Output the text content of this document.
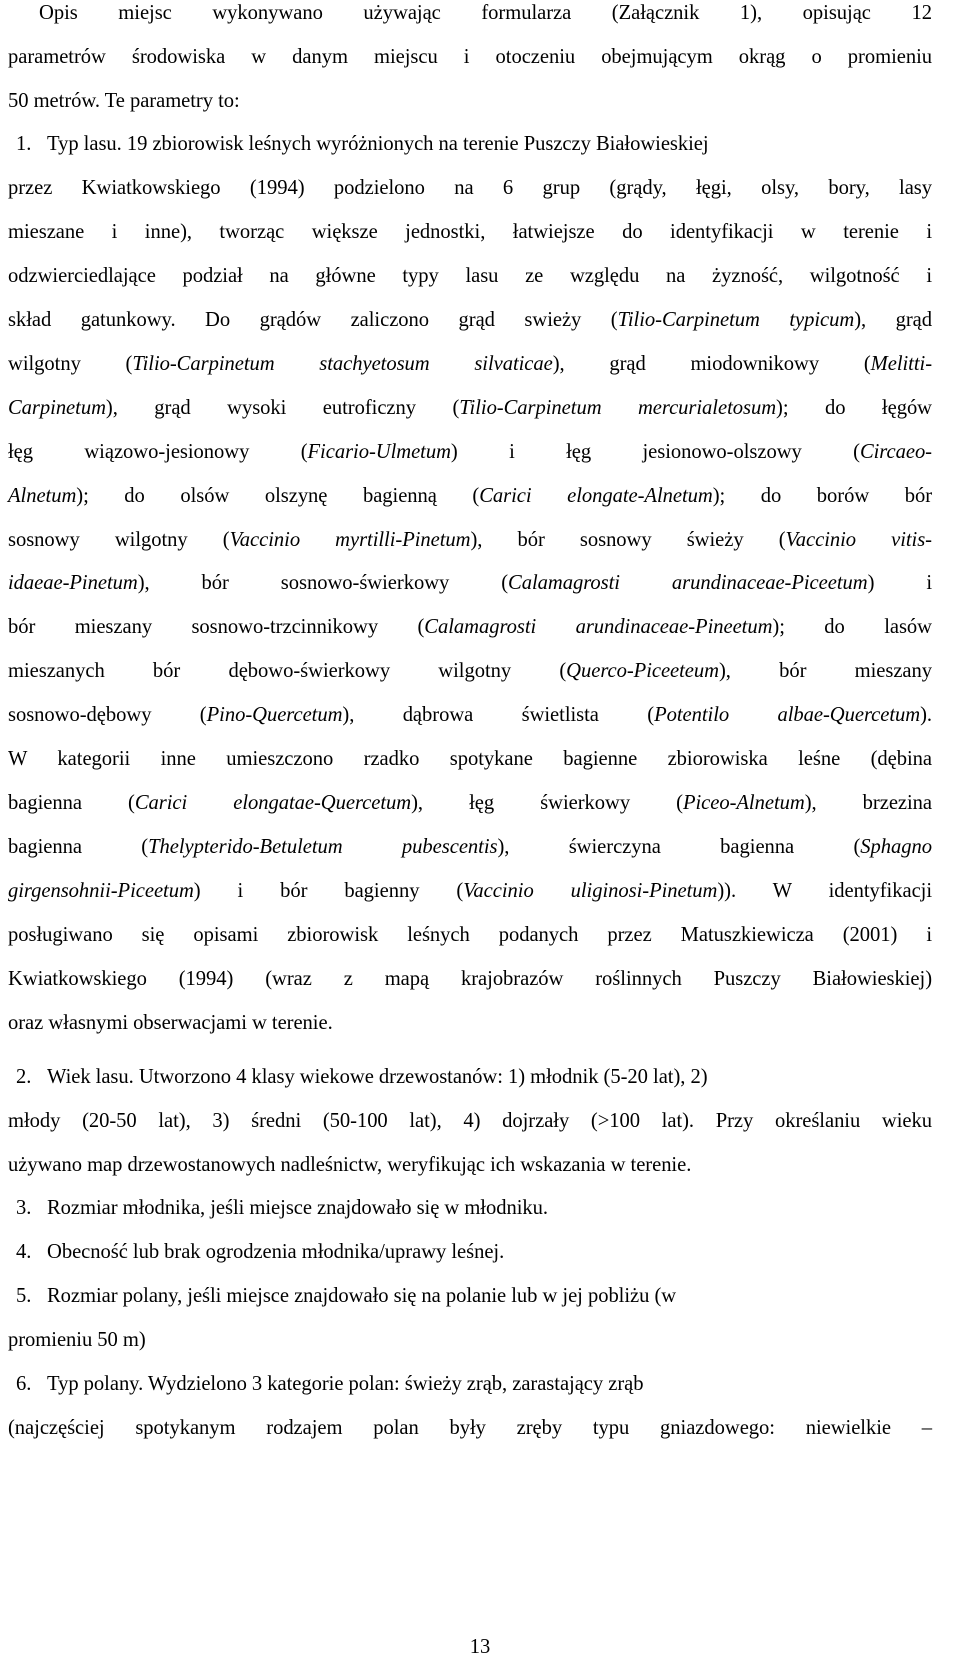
Opis miejsc wykonywano używając formularza (Załącznik 1), opisując 12
parametrów środowiska w danym miejscu i otoczeniu obejmującym okrąg o promieniu
50 metrów. Te parametry to:
1. Typ lasu. 19 zbiorowisk leśnych wyróżnionych na terenie Puszczy Białowieskiej
przez Kwiatkowskiego (1994) podzielono na 6 grup (grądy, łęgi, olsy, bory, lasy
mieszane i inne), tworząc większe jednostki, łatwiejsze do identyfikacji w terenie i
odzwierciedlające podział na główne typy lasu ze względu na żyzność, wilgotność i
skład gatunkowy. Do grądów zaliczono grąd swieży (Tilio-Carpinetum typicum), grąd
wilgotny (Tilio-Carpinetum stachyetosum silvaticae), grąd miodownikowy (Melitti-
Carpinetum), grąd wysoki eutroficzny (Tilio-Carpinetum mercurialetosum); do łęgów
łęg wiązowo-jesionowy (Ficario-Ulmetum) i łęg jesionowo-olszowy (Circaeo-
Alnetum); do olsów olszynę bagienną (Carici elongate-Alnetum); do borów bór
sosnowy wilgotny (Vaccinio myrtilli-Pinetum), bór sosnowy świeży (Vaccinio vitis-
idaeae-Pinetum), bór sosnowo-świerkowy (Calamagrosti arundinaceae-Piceetum) i
bór mieszany sosnowo-trzcinnikowy (Calamagrosti arundinaceae-Pineetum); do lasów
mieszanych bór dębowo-świerkowy wilgotny (Querco-Piceeteum), bór mieszany
sosnowo-dębowy (Pino-Quercetum), dąbrowa świetlista (Potentilo albae-Quercetum).
W kategorii inne umieszczono rzadko spotykane bagienne zbiorowiska leśne (dębina
bagienna (Carici elongatae-Quercetum), łęg świerkowy (Piceo-Alnetum), brzezina
bagienna (Thelypterido-Betuletum pubescentis), świerczyna bagienna (Sphagno
girgensohnii-Piceetum) i bór bagienny (Vaccinio uliginosi-Pinetum)). W identyfikacji
posługiwano się opisami zbiorowisk leśnych podanych przez Matuszkiewicza (2001) i
Kwiatkowskiego (1994) (wraz z mapą krajobrazów roślinnych Puszczy Białowieskiej)
oraz własnymi obserwacjami w terenie.
2. Wiek lasu. Utworzono 4 klasy wiekowe drzewostanów: 1) młodnik (5-20 lat), 2)
młody (20-50 lat), 3) średni (50-100 lat), 4) dojrzały (>100 lat). Przy określaniu wieku
używano map drzewostanowych nadleśnictw, weryfikując ich wskazania w terenie.
3. Rozmiar młodnika, jeśli miejsce znajdowało się w młodniku.
4. Obecność lub brak ogrodzenia młodnika/uprawy leśnej.
5. Rozmiar polany, jeśli miejsce znajdowało się na polanie lub w jej pobliżu (w
promieniu 50 m)
6. Typ polany. Wydzielono 3 kategorie polan: świeży zrąb, zarastający zrąb
(najczęściej spotykanym rodzajem polan były zręby typu gniazdowego: niewielkie –
13
